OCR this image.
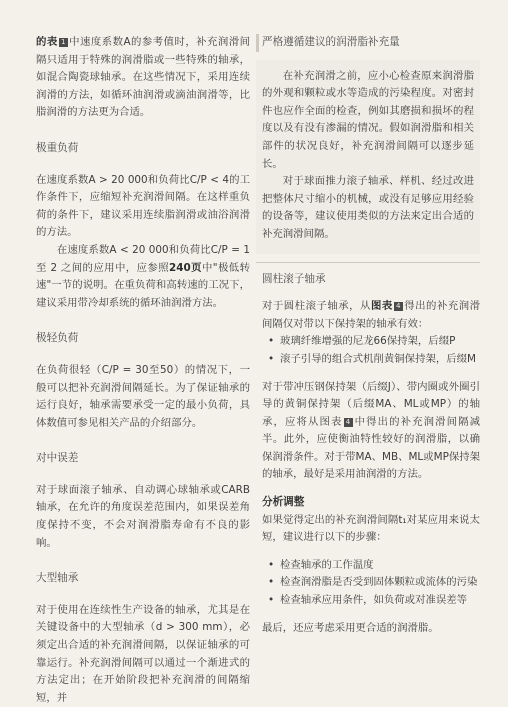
的表 1 中速度系数A的参考值时，补充润滑间隔只适用于特殊的润滑脂或一些特殊的轴承，如混合陶瓷球轴承。在这些情况下，采用连续润滑的方法，如循环油润滑或滴油润滑等，比脂润滑的方法更为合适。

极重负荷

在速度系数A > 20 000和负荷比C/P < 4的工作条件下，应缩短补充润滑间隔。在这样重负荷的条件下，建议采用连续脂润滑或油浴润滑的方法。

在速度系数A < 20 000和负荷比C/P = 1 至 2 之间的应用中，应参照240页中"极低转速"一节的说明。在重负荷和高转速的工况下，建议采用带冷却系统的循环油润滑方法。

极轻负荷

在负荷很轻（C/P = 30至50）的情况下，一般可以把补充润滑间隔延长。为了保证轴承的运行良好，轴承需要承受一定的最小负荷，具体数值可参见相关产品的介绍部分。

对中误差

对于球面滚子轴承、自动调心球轴承或CARB轴承，在允许的角度误差范围内，如果误差角度保持不变，不会对润滑脂寿命有不良的影响。

大型轴承

对于使用在连续性生产设备的轴承，尤其是在关键设备中的大型轴承（d > 300 mm），必须定出合适的补充润滑间隔，以保证轴承的可靠运行。补充润滑间隔可以通过一个渐进式的方法定出；在开始阶段把补充润滑的间隔缩短，并

严格遵循建议的润滑脂补充量

在补充润滑之前，应小心检查原来润滑脂的外观和颗粒或水等造成的污染程度。对密封件也应作全面的检查，例如其磨损和损坏的程度以及有没有渗漏的情况。假如润滑脂和相关部件的状况良好，补充润滑间隔可以逐步延长。

对于球面推力滚子轴承、样机、经过改进把整体尺寸缩小的机械，或没有足够应用经验的设备等，建议使用类似的方法来定出合适的补充润滑间隔。

圆柱滚子轴承

对于圆柱滚子轴承，从图表 4 得出的补充润滑间隔仅对带以下保持架的轴承有效：

• 玻璃纤维增强的尼龙66保持架，后缀P
• 滚子引导的组合式机削黄铜保持架，后缀M

对于带冲压钢保持架（后缀J）、带内圈或外圈引导的黄铜保持架（后缀MA、ML或MP）的轴承，应将从图表 4 中得出的补充润滑间隔减半。此外，应使衡油特性较好的润滑脂，以确保润滑条件。对于带MA、MB、ML或MP保持架的轴承，最好是采用油润滑的方法。

分析调整

如果觉得定出的补充润滑间隔t₁对某应用来说太短，建议进行以下的步骤：

• 检查轴承的工作温度
• 检查润滑脂是否受到固体颗粒或流体的污染
• 检查轴承应用条件，如负荷或对准误差等

最后，还应考虑采用更合适的润滑脂。
